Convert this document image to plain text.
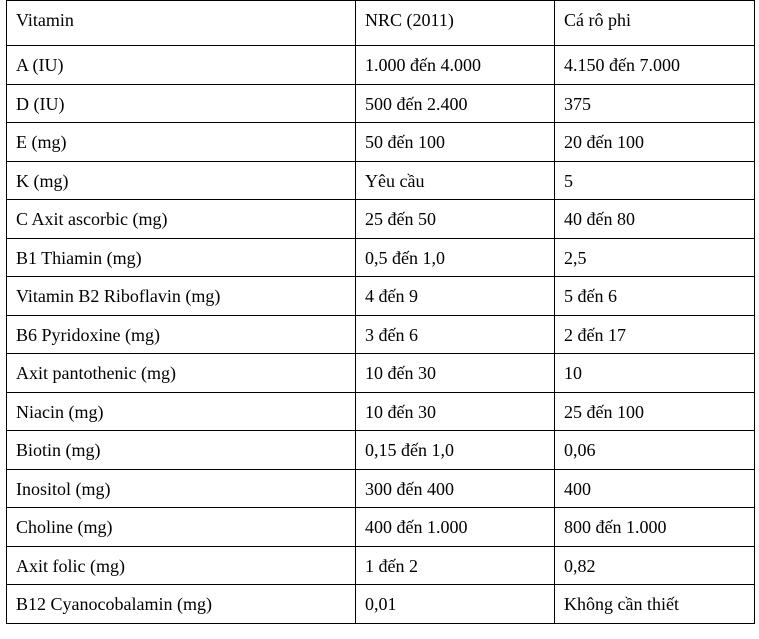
Vitamin	NRC (2011)	Cá rô phi
A (IU)	1.000 đến 4.000	4.150 đến 7.000
D (IU)	500 đến 2.400	375
E (mg)	50 đến 100	20 đến 100
K (mg)	Yêu cầu	5
C Axit ascorbic (mg)	25 đến 50	40 đến 80
B1 Thiamin (mg)	0,5 đến 1,0	2,5
Vitamin B2 Riboflavin (mg)	4 đến 9	5 đến 6
B6 Pyridoxine (mg)	3 đến 6	2 đến 17
Axit pantothenic (mg)	10 đến 30	10
Niacin (mg)	10 đến 30	25 đến 100
Biotin (mg)	0,15 đến 1,0	0,06
Inositol (mg)	300 đến 400	400
Choline (mg)	400 đến 1.000	800 đến 1.000
Axit folic (mg)	1 đến 2	0,82
B12 Cyanocobalamin (mg)	0,01	Không cần thiết
